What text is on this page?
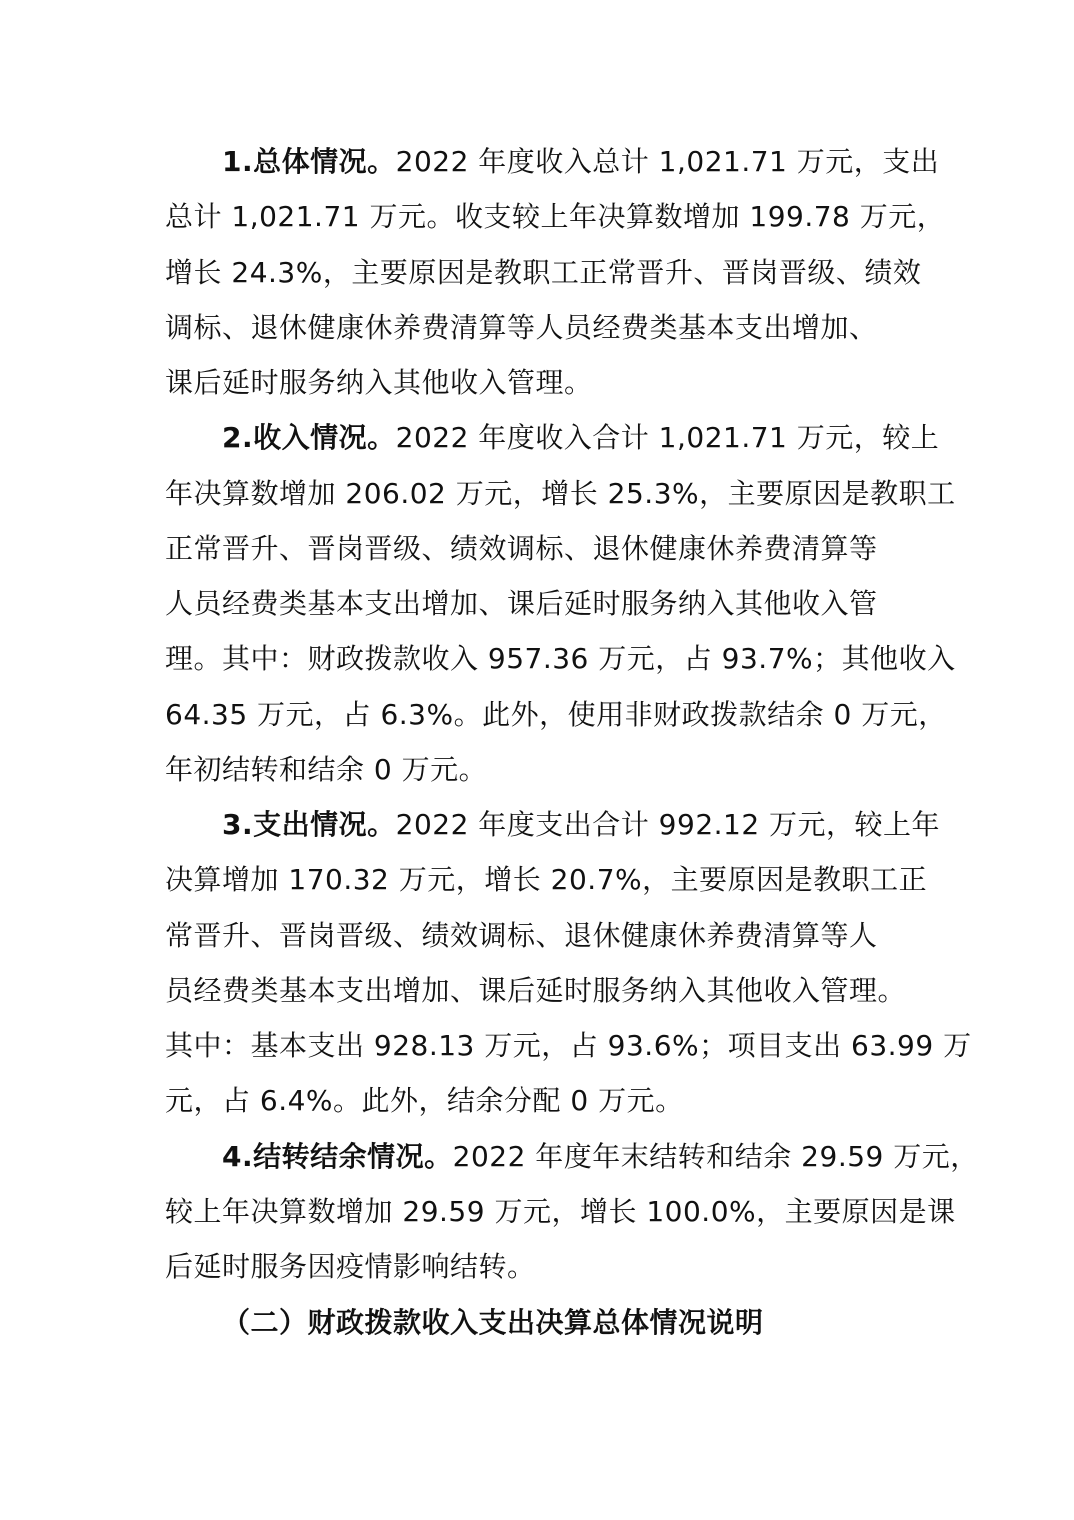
1.总体情况。2022 年度收入总计 1,021.71 万元，支出
总计 1,021.71 万元。收支较上年决算数增加 199.78 万元，
增长 24.3%，主要原因是教职工正常晋升、晋岗晋级、绩效
调标、退休健康休养费清算等人员经费类基本支出增加、
课后延时服务纳入其他收入管理。
2.收入情况。2022 年度收入合计 1,021.71 万元，较上
年决算数增加 206.02 万元，增长 25.3%，主要原因是教职工
正常晋升、晋岗晋级、绩效调标、退休健康休养费清算等
人员经费类基本支出增加、课后延时服务纳入其他收入管
理。其中：财政拨款收入 957.36 万元，占 93.7%；其他收入
64.35 万元，占 6.3%。此外，使用非财政拨款结余 0 万元，
年初结转和结余 0 万元。
3.支出情况。2022 年度支出合计 992.12 万元，较上年
决算增加 170.32 万元，增长 20.7%，主要原因是教职工正
常晋升、晋岗晋级、绩效调标、退休健康休养费清算等人
员经费类基本支出增加、课后延时服务纳入其他收入管理。
其中：基本支出 928.13 万元，占 93.6%；项目支出 63.99 万
元，占 6.4%。此外，结余分配 0 万元。
4.结转结余情况。2022 年度年末结转和结余 29.59 万元，
较上年决算数增加 29.59 万元，增长 100.0%，主要原因是课
后延时服务因疫情影响结转。
（二）财政拨款收入支出决算总体情况说明
